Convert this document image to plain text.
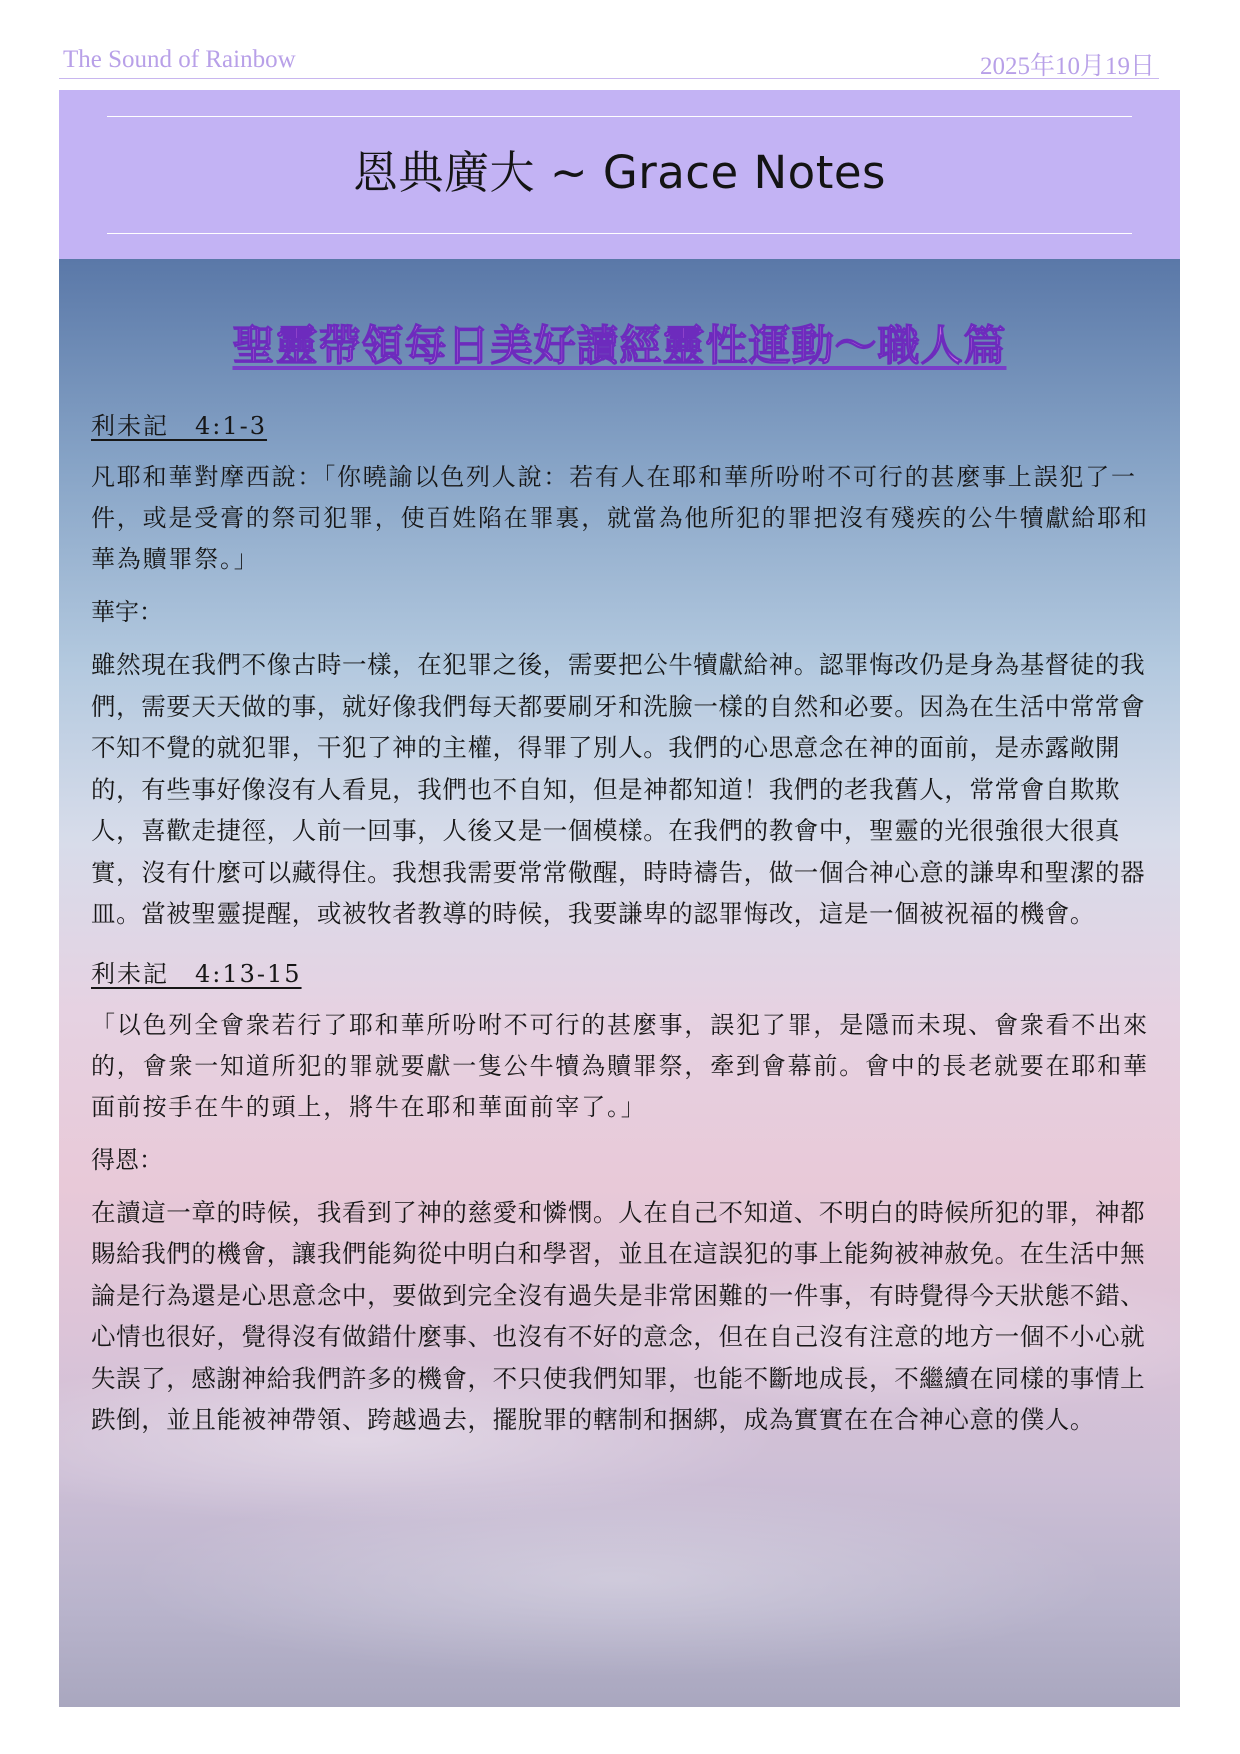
The Sound of Rainbow	2025年10月19日
恩典廣大 ~ Grace Notes
聖靈帶領每日美好讀經靈性運動～職人篇

利未記　4:1-3

凡耶和華對摩西說：「你曉諭以色列人說：若有人在耶和華所吩咐不可行的甚麼事上誤犯了一件，或是受膏的祭司犯罪，使百姓陷在罪裏，就當為他所犯的罪把沒有殘疾的公牛犢獻給耶和華為贖罪祭。」

華宇：

雖然現在我們不像古時一樣，在犯罪之後，需要把公牛犢獻給神。認罪悔改仍是身為基督徒的我們，需要天天做的事，就好像我們每天都要刷牙和洗臉一樣的自然和必要。因為在生活中常常會不知不覺的就犯罪，干犯了神的主權，得罪了別人。我們的心思意念在神的面前，是赤露敞開的，有些事好像沒有人看見，我們也不自知，但是神都知道！我們的老我舊人，常常會自欺欺人，喜歡走捷徑，人前一回事，人後又是一個模樣。在我們的教會中，聖靈的光很強很大很真實，沒有什麼可以藏得住。我想我需要常常儆醒，時時禱告，做一個合神心意的謙卑和聖潔的器皿。當被聖靈提醒，或被牧者教導的時候，我要謙卑的認罪悔改，這是一個被祝福的機會。

利未記　4:13-15

「以色列全會衆若行了耶和華所吩咐不可行的甚麼事，誤犯了罪，是隱而未現、會衆看不出來的，會衆一知道所犯的罪就要獻一隻公牛犢為贖罪祭，牽到會幕前。會中的長老就要在耶和華面前按手在牛的頭上，將牛在耶和華面前宰了。」

得恩：

在讀這一章的時候，我看到了神的慈愛和憐憫。人在自己不知道、不明白的時候所犯的罪，神都賜給我們的機會，讓我們能夠從中明白和學習，並且在這誤犯的事上能夠被神赦免。在生活中無論是行為還是心思意念中，要做到完全沒有過失是非常困難的一件事，有時覺得今天狀態不錯、心情也很好，覺得沒有做錯什麼事、也沒有不好的意念，但在自己沒有注意的地方一個不小心就失誤了，感謝神給我們許多的機會，不只使我們知罪，也能不斷地成長，不繼續在同樣的事情上跌倒，並且能被神帶領、跨越過去，擺脫罪的轄制和捆綁，成為實實在在合神心意的僕人。
